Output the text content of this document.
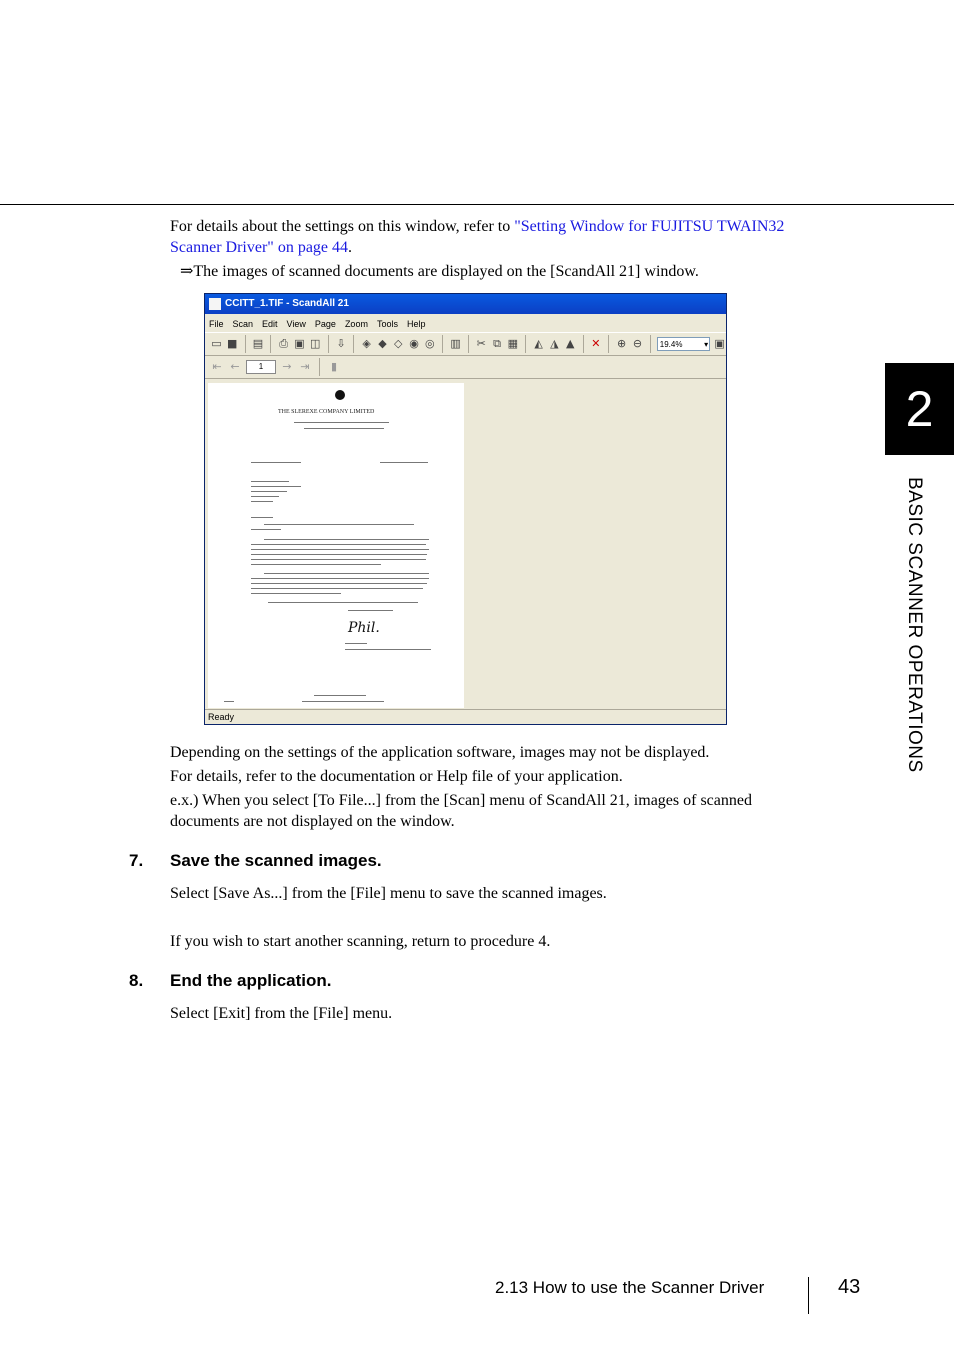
For details about the settings on this window, refer to "Setting Window for FUJITSU TWAIN32 Scanner Driver" on page 44.
⇒The images of scanned documents are displayed on the [ScandAll 21] window.
CCITT_1.TIF - ScandAll 21
File Scan Edit View Page Zoom Tools Help
▭ ■ ▤ ⎙ ▣ ◫ ⇩ ◈ ◆ ◇ ◉ ◎ ▥ ✂ ⧉ ▦ ◭ ◮ ▲ ✕ ⊕ ⊖	19.4% ▾	▣
⇤ ←	1	→ ⇥	▮
THE SLEREXE COMPANY LIMITED
Phil.
Ready
Depending on the settings of the application software, images may not be displayed.
For details, refer to the documentation or Help file of your application.
e.x.) When you select [To File...] from the [Scan] menu of ScandAll 21, images of scanned documents are not displayed on the window.
7. Save the scanned images.
Select [Save As...] from the [File] menu to save the scanned images.
If you wish to start another scanning, return to procedure 4.
8. End the application.
Select [Exit] from the [File] menu.
2
BASIC SCANNER OPERATIONS
2.13 How to use the Scanner Driver	43
